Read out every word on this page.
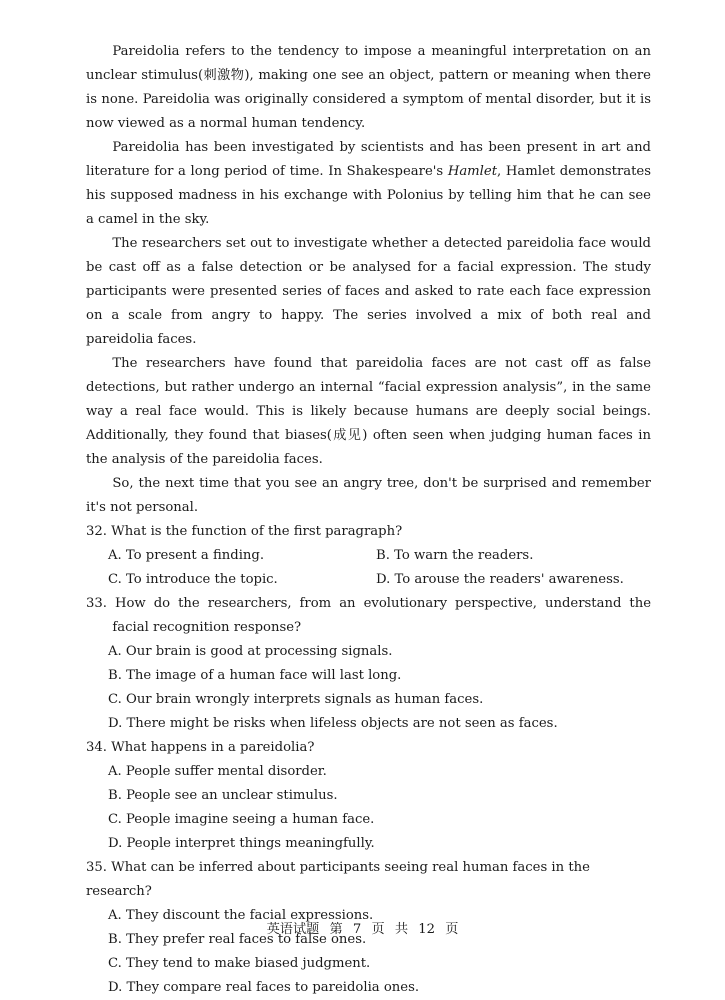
Pareidolia refers to the tendency to impose a meaningful interpretation on an unclear stimulus(刺激物), making one see an object, pattern or meaning when there is none. Pareidolia was originally considered a symptom of mental disorder, but it is now viewed as a normal human tendency.

Pareidolia has been investigated by scientists and has been present in art and literature for a long period of time. In Shakespeare's Hamlet, Hamlet demonstrates his supposed madness in his exchange with Polonius by telling him that he can see a camel in the sky.

The researchers set out to investigate whether a detected pareidolia face would be cast off as a false detection or be analysed for a facial expression. The study participants were presented series of faces and asked to rate each face expression on a scale from angry to happy. The series involved a mix of both real and pareidolia faces.

The researchers have found that pareidolia faces are not cast off as false detections, but rather undergo an internal “facial expression analysis”, in the same way a real face would. This is likely because humans are deeply social beings. Additionally, they found that biases(成见) often seen when judging human faces in the analysis of the pareidolia faces.

So, the next time that you see an angry tree, don't be surprised and remember it's not personal.

32. What is the function of the first paragraph?

A. To present a finding.	B. To warn the readers.
C. To introduce the topic.	D. To arouse the readers' awareness.

33. How do the researchers, from an evolutionary perspective, understand the facial recognition response?

A. Our brain is good at processing signals.

B. The image of a human face will last long.

C. Our brain wrongly interprets signals as human faces.

D. There might be risks when lifeless objects are not seen as faces.

34. What happens in a pareidolia?

A. People suffer mental disorder.

B. People see an unclear stimulus.

C. People imagine seeing a human face.

D. People interpret things meaningfully.

35. What can be inferred about participants seeing real human faces in the research?

A. They discount the facial expressions.

B. They prefer real faces to false ones.

C. They tend to make biased judgment.

D. They compare real faces to pareidolia ones.

英语试题 第 7 页 共 12 页
